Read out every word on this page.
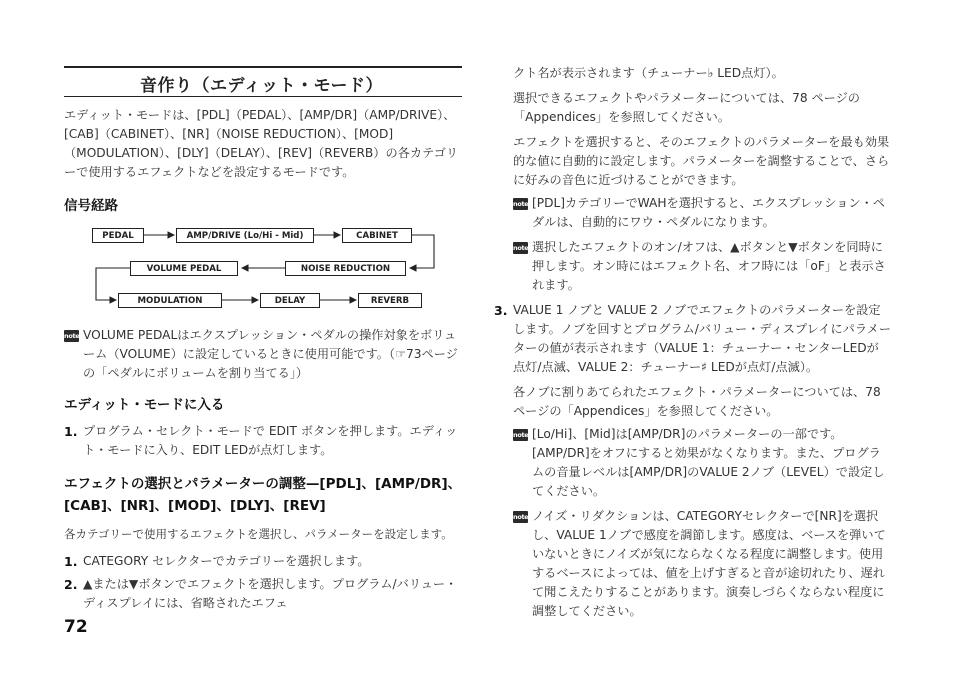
音作り（エディット・モード）

エディット・モードは、[PDL]（PEDAL）、[AMP/DR]（AMP/DRIVE）、[CAB]（CABINET）、[NR]（NOISE REDUCTION）、[MOD]（MODULATION）、[DLY]（DELAY）、[REV]（REVERB）の各カテゴリーで使用するエフェクトなどを設定するモードです。

信号経路
PEDAL	AMP/DRIVE (Lo/Hi - Mid)	CABINET
VOLUME PEDAL	NOISE REDUCTION
MODULATION	DELAY	REVERB
note VOLUME PEDALはエクスプレッション・ペダルの操作対象をボリューム（VOLUME）に設定しているときに使用可能です。（☞73ページの「ペダルにボリュームを割り当てる」）
エディット・モードに入る
1. プログラム・セレクト・モードで EDIT ボタンを押します。エディット・モードに入り、EDIT LEDが点灯します。
エフェクトの選択とパラメーターの調整—[PDL]、[AMP/DR]、[CAB]、[NR]、[MOD]、[DLY]、[REV]

各カテゴリーで使用するエフェクトを選択し、パラメーターを設定します。

1. CATEGORY セレクターでカテゴリーを選択します。
2. ▲または▼ボタンでエフェクトを選択します。プログラム/バリュー・ディスプレイには、省略されたエフェ
72

クト名が表示されます（チューナー♭ LED点灯）。

選択できるエフェクトやパラメーターについては、78 ページの「Appendices」を参照してください。

エフェクトを選択すると、そのエフェクトのパラメーターを最も効果的な値に自動的に設定します。パラメーターを調整することで、さらに好みの音色に近づけることができます。

note [PDL]カテゴリーでWAHを選択すると、エクスプレッション・ペダルは、自動的にワウ・ペダルになります。
note 選択したエフェクトのオン/オフは、▲ボタンと▼ボタンを同時に押します。オン時にはエフェクト名、オフ時には「oF」と表示されます。
3. VALUE 1 ノブと VALUE 2 ノブでエフェクトのパラメーターを設定します。ノブを回すとプログラム/バリュー・ディスプレイにパラメーターの値が表示されます（VALUE 1：チューナー・センターLEDが点灯/点滅、VALUE 2：チューナー♯ LEDが点灯/点滅）。

各ノブに割りあてられたエフェクト・パラメーターについては、78 ページの「Appendices」を参照してください。

note [Lo/Hi]、[Mid]は[AMP/DR]のパラメーターの一部です。[AMP/DR]をオフにすると効果がなくなります。また、プログラムの音量レベルは[AMP/DR]のVALUE 2ノブ（LEVEL）で設定してください。
note ノイズ・リダクションは、CATEGORYセレクターで[NR]を選択し、VALUE 1ノブで感度を調節します。感度は、ベースを弾いていないときにノイズが気にならなくなる程度に調整します。使用するベースによっては、値を上げすぎると音が途切れたり、遅れて聞こえたりすることがあります。演奏しづらくならない程度に調整してください。
